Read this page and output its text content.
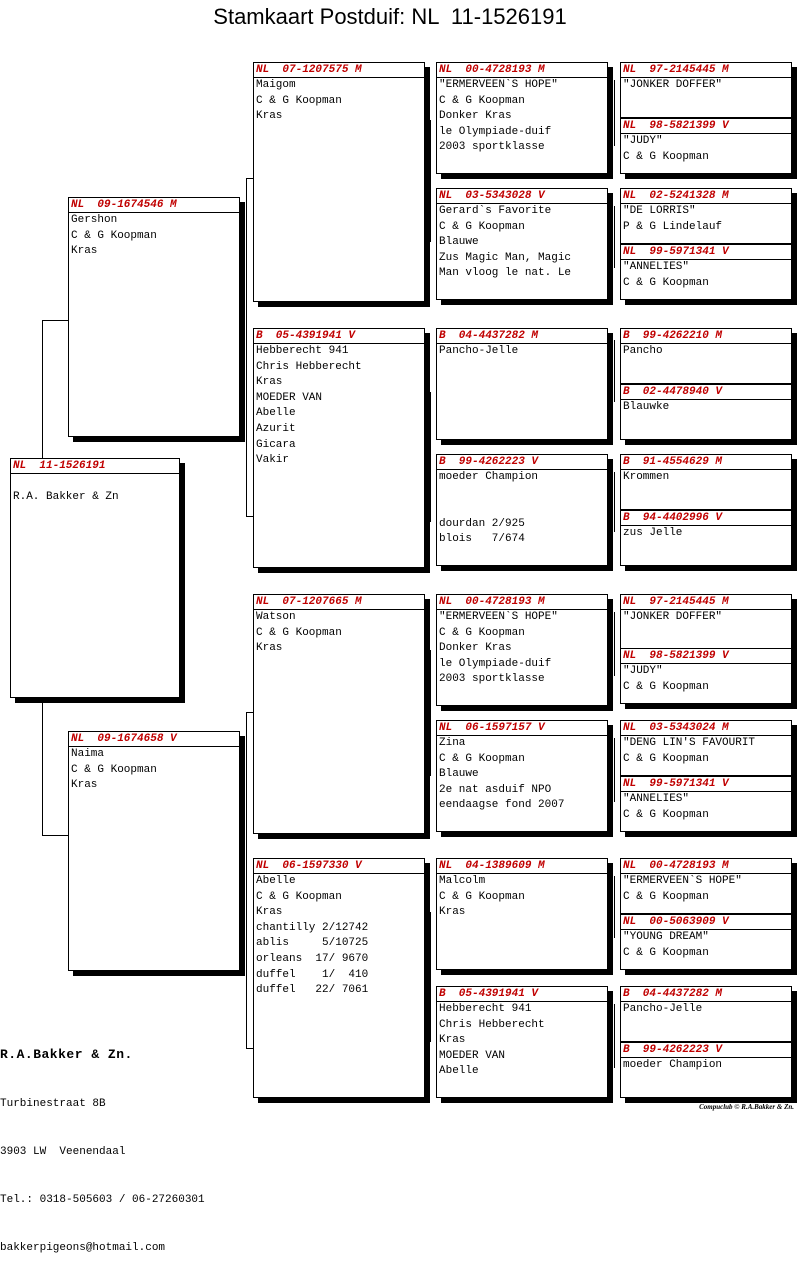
Stamkaart Postduif: NL  11-1526191
NL  11-1526191
R.A. Bakker & Zn
NL  09-1674546 M
Gershon
C & G Koopman
Kras
NL  09-1674658 V
Naima
C & G Koopman
Kras
NL  07-1207575 M
Maigom
C & G Koopman
Kras
B  05-4391941 V
Hebberecht 941
Chris Hebberecht
Kras
MOEDER VAN
Abelle
Azurit
Gicara
Vakir
NL  07-1207665 M
Watson
C & G Koopman
Kras
NL  06-1597330 V
Abelle
C & G Koopman
Kras
chantilly 2/12742
ablis     5/10725
orleans  17/ 9670
duffel    1/  410
duffel   22/ 7061
NL  00-4728193 M
"ERMERVEEN`S HOPE"
C & G Koopman
Donker Kras
le Olympiade-duif
2003 sportklasse
NL  03-5343028 V
Gerard`s Favorite
C & G Koopman
Blauwe
Zus Magic Man, Magic
Man vloog le nat. Le
B  04-4437282 M
Pancho-Jelle
B  99-4262223 V
moeder Champion
dourdan 2/925
blois   7/674
NL  00-4728193 M
"ERMERVEEN`S HOPE"
C & G Koopman
Donker Kras
le Olympiade-duif
2003 sportklasse
NL  06-1597157 V
Zina
C & G Koopman
Blauwe
2e nat asduif NPO
eendaagse fond 2007
NL  04-1389609 M
Malcolm
C & G Koopman
Kras
B  05-4391941 V
Hebberecht 941
Chris Hebberecht
Kras
MOEDER VAN
Abelle
NL  97-2145445 M
"JONKER DOFFER"
NL  98-5821399 V
"JUDY"
C & G Koopman
NL  02-5241328 M
"DE LORRIS"
P & G Lindelauf
NL  99-5971341 V
"ANNELIES"
C & G Koopman
B  99-4262210 M
Pancho
B  02-4478940 V
Blauwke
B  91-4554629 M
Krommen
B  94-4402996 V
zus Jelle
NL  97-2145445 M
"JONKER DOFFER"
NL  98-5821399 V
"JUDY"
C & G Koopman
NL  03-5343024 M
"DENG LIN'S FAVOURIT
C & G Koopman
NL  99-5971341 V
"ANNELIES"
C & G Koopman
NL  00-4728193 M
"ERMERVEEN`S HOPE"
C & G Koopman
NL  00-5063909 V
"YOUNG DREAM"
C & G Koopman
B  04-4437282 M
Pancho-Jelle
B  99-4262223 V
moeder Champion

R.A.Bakker & Zn.

Turbinestraat 8B

3903 LW  Veenendaal

Tel.: 0318-505603 / 06-27260301

bakkerpigeons@hotmail.com

Compuclub © R.A.Bakker & Zn.
